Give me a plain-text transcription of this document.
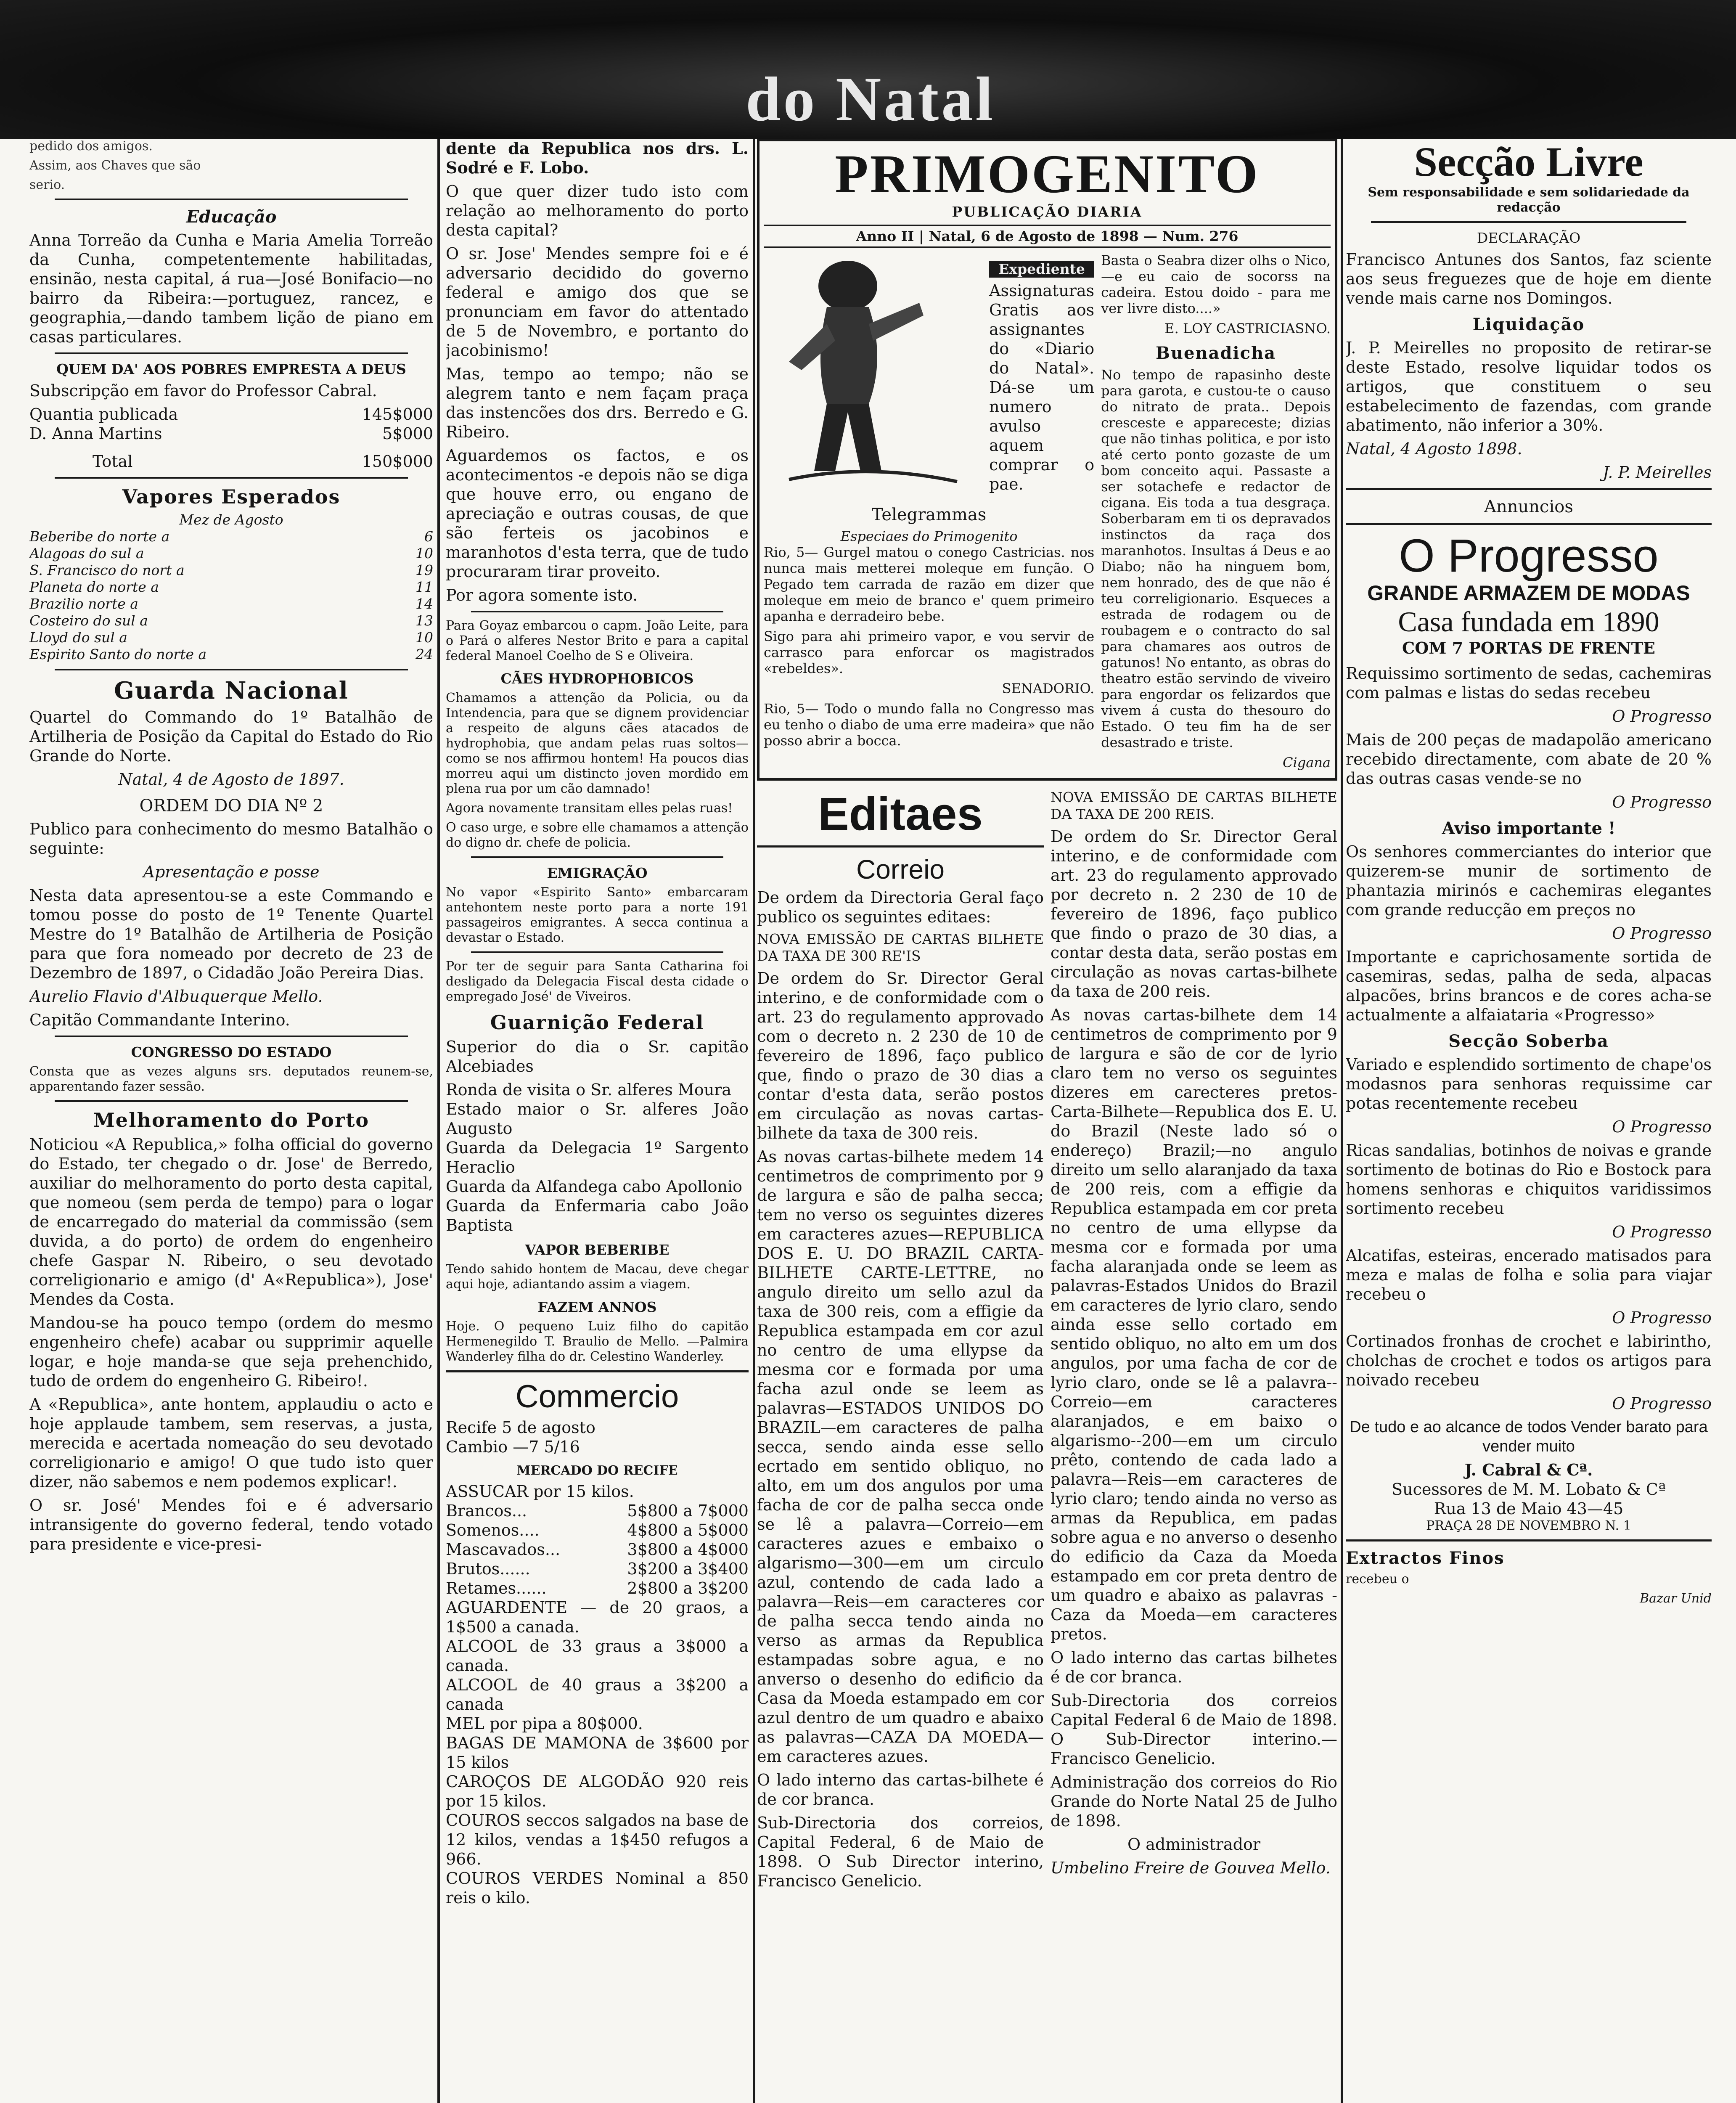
do Natal

pedido dos amigos.

Assim, aos Chaves que são

serio.

Educação

Anna Torreão da Cunha e Maria Amelia Torreão da Cunha, competentemente habilitadas, ensinão, nesta capital, á rua—José Bonifacio—no bairro da Ribeira:—portuguez, rancez, e geographia,—dando tambem lição de piano em casas particulares.

QUEM DA' AOS POBRES EMPRESTA A DEUS

Subscripção em favor do Professor Cabral.

Quantia publicada	145$000
D. Anna Martins	5$000
Total	150$000
Vapores Esperados
Mez de Agosto
Beberibe do norte a	6
Alagoas do sul a	10
S. Francisco do nort a	19
Planeta do norte a	11
Brazilio norte a	14
Costeiro do sul a	13
Lloyd do sul a	10
Espirito Santo do norte a	24
Guarda Nacional

Quartel do Commando do 1º Batalhão de Artilheria de Posição da Capital do Estado do Rio Grande do Norte.

Natal, 4 de Agosto de 1897.

ORDEM DO DIA Nº 2

Publico para conhecimento do mesmo Batalhão o seguinte:

Apresentação e posse

Nesta data apresentou-se a este Commando e tomou posse do posto de 1º Tenente Quartel Mestre do 1º Batalhão de Artilheria de Posição para que fora nomeado por decreto de 23 de Dezembro de 1897, o Cidadão João Pereira Dias.

Aurelio Flavio d'Albuquerque Mello.

Capitão Commandante Interino.

CONGRESSO DO ESTADO

Consta que as vezes alguns srs. deputados reunem-se, apparentando fazer sessão.

Melhoramento do Porto

Noticiou «A Republica,» folha official do governo do Estado, ter chegado o dr. Jose' de Berredo, auxiliar do melhoramento do porto desta capital, que nomeou (sem perda de tempo) para o logar de encarregado do material da commissão (sem duvida, a do porto) de ordem do engenheiro chefe Gaspar N. Ribeiro, o seu devotado correligionario e amigo (d' A«Republica»), Jose' Mendes da Costa.

Mandou-se ha pouco tempo (ordem do mesmo engenheiro chefe) acabar ou supprimir aquelle logar, e hoje manda-se que seja prehenchido, tudo de ordem do engenheiro G. Ribeiro!.

A «Republica», ante hontem, applaudiu o acto e hoje applaude tambem, sem reservas, a justa, merecida e acertada nomeação do seu devotado correligionario e amigo! O que tudo isto quer dizer, não sabemos e nem podemos explicar!.

O sr. José' Mendes foi e é adversario intransigente do governo federal, tendo votado para presidente e vice-presi-

dente da Republica nos drs. L. Sodré e F. Lobo.

O que quer dizer tudo isto com relação ao melhoramento do porto desta capital?

O sr. Jose' Mendes sempre foi e é adversario decidido do governo federal e amigo dos que se pronunciam em favor do attentado de 5 de Novembro, e portanto do jacobinismo!

Mas, tempo ao tempo; não se alegrem tanto e nem façam praça das instencões dos drs. Berredo e G. Ribeiro.

Aguardemos os factos, e os acontecimentos -e depois não se diga que houve erro, ou engano de apreciação e outras cousas, de que são ferteis os jacobinos e maranhotos d'esta terra, que de tudo procuraram tirar proveito.

Por agora somente isto.

Para Goyaz embarcou o capm. João Leite, para o Pará o alferes Nestor Brito e para a capital federal Manoel Coelho de S e Oliveira.

CÃES HYDROPHOBICOS

Chamamos a attenção da Policia, ou da Intendencia, para que se dignem providenciar a respeito de alguns cães atacados de hydrophobia, que andam pelas ruas soltos—como se nos affirmou hontem! Ha poucos dias morreu aqui um distincto joven mordido em plena rua por um cão damnado!

Agora novamente transitam elles pelas ruas!

O caso urge, e sobre elle chamamos a attenção do digno dr. chefe de policia.

EMIGRAÇÃO

No vapor «Espirito Santo» embarcaram antehontem neste porto para a norte 191 passageiros emigrantes. A secca continua a devastar o Estado.

Por ter de seguir para Santa Catharina foi desligado da Delegacia Fiscal desta cidade o empregado José' de Viveiros.

Guarnição Federal

Superior do dia o Sr. capitão Alcebiades

Ronda de visita o Sr. alferes Moura

Estado maior o Sr. alferes João Augusto

Guarda da Delegacia 1º Sargento Heraclio

Guarda da Alfandega cabo Apollonio

Guarda da Enfermaria cabo João Baptista

VAPOR BEBERIBE

Tendo sahido hontem de Macau, deve chegar aqui hoje, adiantando assim a viagem.

FAZEM ANNOS

Hoje. O pequeno Luiz filho do capitão Hermenegildo T. Braulio de Mello. —Palmira Wanderley filha do dr. Celestino Wanderley.

Commercio

Recife 5 de agosto

Cambio —7 5/16

MERCADO DO RECIFE

ASSUCAR por 15 kilos.

Brancos...	5$800 a 7$000
Somenos....	4$800 a 5$000
Mascavados...	3$800 a 4$000
Brutos......	3$200 a 3$400
Retames......	2$800 a 3$200

AGUARDENTE — de 20 graos, a 1$500 a canada.

ALCOOL de 33 graus a 3$000 a canada.

ALCOOL de 40 graus a 3$200 a canada

MEL por pipa a 80$000.

BAGAS DE MAMONA de 3$600 por 15 kilos

CAROÇOS DE ALGODÃO 920 reis por 15 kilos.

COUROS seccos salgados na base de 12 kilos, vendas a 1$450 refugos a 966.

COUROS VERDES Nominal a 850 reis o kilo.

PRIMOGENITO
PUBLICAÇÃO DIARIA
Anno II | Natal, 6 de Agosto de 1898 — Num. 276
Expediente

Assignaturas Gratis aos assignantes do «Diario do Natal». Dá-se um numero avulso aquem comprar o pae.

Telegrammas
Especiaes do Primogenito

Rio, 5— Gurgel matou o conego Castricias. nos nunca mais metterei moleque em função. O Pegado tem carrada de razão em dizer que moleque em meio de branco e' quem primeiro apanha e derradeiro bebe.

Sigo para ahi primeiro vapor, e vou servir de carrasco para enforcar os magistrados «rebeldes».

SENADORIO.

Rio, 5— Todo o mundo falla no Congresso mas eu tenho o diabo de uma erre madeira» que não posso abrir a bocca.

Basta o Seabra dizer olhs o Nico, —e eu caio de socorss na cadeira. Estou doido - para me ver livre disto....»

E. LOY CASTRICIASNO.

Buenadicha

No tempo de rapasinho deste para garota, e custou-te o causo do nitrato de prata.. Depois cresceste e appareceste; dizias que não tinhas politica, e por isto até certo ponto gozaste de um bom conceito aqui. Passaste a ser sotachefe e redactor de cigana. Eis toda a tua desgraça. Soberbaram em ti os depravados instinctos da raça dos maranhotos. Insultas á Deus e ao Diabo; não ha ninguem bom, nem honrado, des de que não é teu correligionario. Esqueces a estrada de rodagem ou de roubagem e o contracto do sal para chamares aos outros de gatunos! No entanto, as obras do theatro estão servindo de viveiro para engordar os felizardos que vivem á custa do thesouro do Estado. O teu fim ha de ser desastrado e triste.

Cigana

Editaes
Correio

De ordem da Directoria Geral faço publico os seguintes editaes:

NOVA EMISSÃO DE CARTAS BILHETE DA TAXA DE 300 RE'IS

De ordem do Sr. Director Geral interino, e de conformidade com o art. 23 do regulamento approvado com o decreto n. 2 230 de 10 de fevereiro de 1896, faço publico que, findo o prazo de 30 dias a contar d'esta data, serão postos em circulação as novas cartas-bilhete da taxa de 300 reis.

As novas cartas-bilhete medem 14 centimetros de comprimento por 9 de largura e são de palha secca; tem no verso os seguintes dizeres em caracteres azues—REPUBLICA DOS E. U. DO BRAZIL CARTA-BILHETE CARTE-LETTRE, no angulo direito um sello azul da taxa de 300 reis, com a effigie da Republica estampada em cor azul no centro de uma ellypse da mesma cor e formada por uma facha azul onde se leem as palavras—ESTADOS UNIDOS DO BRAZIL—em caracteres de palha secca, sendo ainda esse sello ecrtado em sentido obliquo, no alto, em um dos angulos por uma facha de cor de palha secca onde se lê a palavra—Correio—em caracteres azues e embaixo o algarismo—300—em um circulo azul, contendo de cada lado a palavra—Reis—em caracteres cor de palha secca tendo ainda no verso as armas da Republica estampadas sobre agua, e no anverso o desenho do edificio da Casa da Moeda estampado em cor azul dentro de um quadro e abaixo as palavras—CAZA DA MOEDA—em caracteres azues.

O lado interno das cartas-bilhete é de cor branca.

Sub-Directoria dos correios, Capital Federal, 6 de Maio de 1898. O Sub Director interino, Francisco Genelicio.

NOVA EMISSÃO DE CARTAS BILHETE DA TAXA DE 200 REIS.

De ordem do Sr. Director Geral interino, e de conformidade com art. 23 do regulamento approvado por decreto n. 2 230 de 10 de fevereiro de 1896, faço publico que findo o prazo de 30 dias, a contar desta data, serão postas em circulação as novas cartas-bilhete da taxa de 200 reis.

As novas cartas-bilhete dem 14 centimetros de comprimento por 9 de largura e são de cor de lyrio claro tem no verso os seguintes dizeres em carecteres pretos-Carta-Bilhete—Republica dos E. U. do Brazil (Neste lado só o endereço) Brazil;—no angulo direito um sello alaranjado da taxa de 200 reis, com a effigie da Republica estampada em cor preta no centro de uma ellypse da mesma cor e formada por uma facha alaranjada onde se leem as palavras-Estados Unidos do Brazil em caracteres de lyrio claro, sendo ainda esse sello cortado em sentido obliquo, no alto em um dos angulos, por uma facha de cor de lyrio claro, onde se lê a palavra--Correio—em caracteres alaranjados, e em baixo o algarismo--200—em um circulo prêto, contendo de cada lado a palavra—Reis—em caracteres de lyrio claro; tendo ainda no verso as armas da Republica, em padas sobre agua e no anverso o desenho do edificio da Caza da Moeda estampado em cor preta dentro de um quadro e abaixo as palavras -Caza da Moeda—em caracteres pretos.

O lado interno das cartas bilhetes é de cor branca.

Sub-Directoria dos correios Capital Federal 6 de Maio de 1898. O Sub-Director interino.—Francisco Genelicio.

Administração dos correios do Rio Grande do Norte Natal 25 de Julho de 1898.

O administrador

Umbelino Freire de Gouvea Mello.

Secção Livre
Sem responsabilidade e sem solidariedade da redacção
DECLARAÇÃO

Francisco Antunes dos Santos, faz sciente aos seus freguezes que de hoje em diente vende mais carne nos Domingos.

Liquidação

J. P. Meirelles no proposito de retirar-se deste Estado, resolve liquidar todos os artigos, que constituem o seu estabelecimento de fazendas, com grande abatimento, não inferior a 30%.

Natal, 4 Agosto 1898.

J. P. Meirelles

Annuncios
O Progresso
GRANDE ARMAZEM DE MODAS
Casa fundada em 1890
COM 7 PORTAS DE FRENTE

Requissimo sortimento de sedas, cachemiras com palmas e listas do sedas recebeu

O Progresso

Mais de 200 peças de madapolão americano recebido directamente, com abate de 20 % das outras casas vende-se no

O Progresso

Aviso importante !

Os senhores commerciantes do interior que quizerem-se munir de sortimento de phantazia mirinós e cachemiras elegantes com grande reducção em preços no

O Progresso

Importante e caprichosamente sortida de casemiras, sedas, palha de seda, alpacas alpacões, brins brancos e de cores acha-se actualmente a alfaiataria «Progresso»

Secção Soberba

Variado e esplendido sortimento de chape'os modasnos para senhoras requissime car potas recentemente recebeu

O Progresso

Ricas sandalias, botinhos de noivas e grande sortimento de botinas do Rio e Bostock para homens senhoras e chiquitos varidissimos sortimento recebeu

O Progresso

Alcatifas, esteiras, encerado matisados para meza e malas de folha e solia para viajar recebeu o

O Progresso

Cortinados fronhas de crochet e labirintho, cholchas de crochet e todos os artigos para noivado recebeu

O Progresso

De tudo e ao alcance de todos Vender barato para vender muito

J. Cabral & Cª.
Sucessores de M. M. Lobato & Cª
Rua 13 de Maio 43—45
PRAÇA 28 DE NOVEMBRO N. 1
Extractos Finos

recebeu o

Bazar Unid
